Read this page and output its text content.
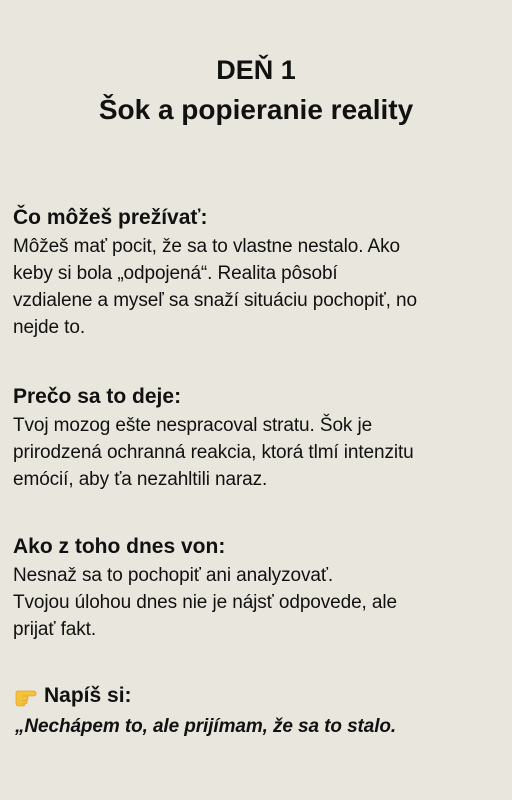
DEŇ 1

Šok a popieranie reality

Čo môžeš prežívať:

Môžeš mať pocit, že sa to vlastne nestalo. Ako

keby si bola „odpojená“. Realita pôsobí

vzdialene a myseľ sa snaží situáciu pochopiť, no

nejde to.

Prečo sa to deje:

Tvoj mozog ešte nespracoval stratu. Šok je

prirodzená ochranná reakcia, ktorá tlmí intenzitu

emócií, aby ťa nezahltili naraz.

Ako z toho dnes von:

Nesnaž sa to pochopiť ani analyzovať.

Tvojou úlohou dnes nie je nájsť odpovede, ale

prijať fakt.

Napíš si:

„Nechápem to, ale prijímam, že sa to stalo.
